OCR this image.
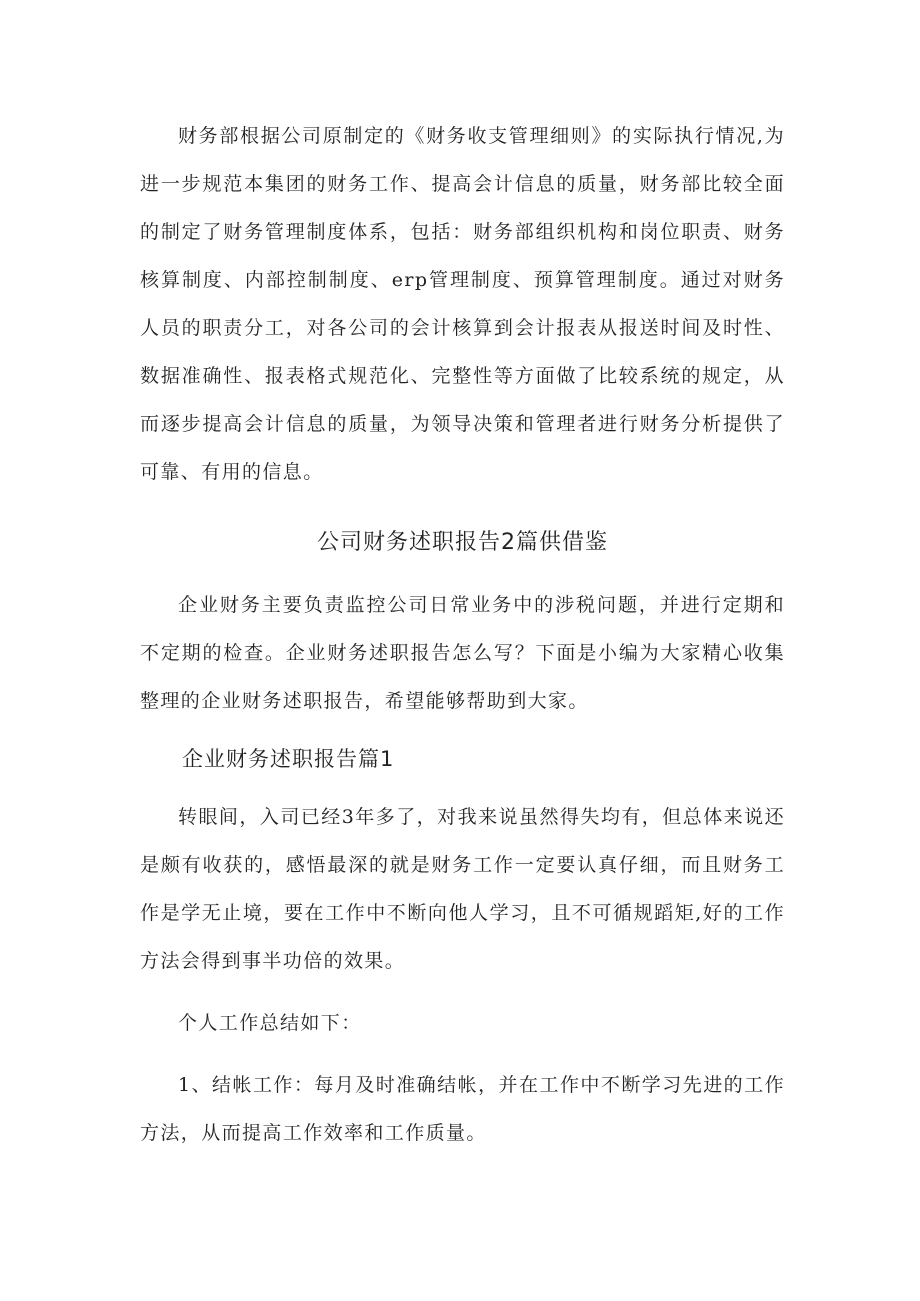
财务部根据公司原制定的《财务收支管理细则》的实际执行情况,为进一步规范本集团的财务工作、提高会计信息的质量，财务部比较全面的制定了财务管理制度体系，包括：财务部组织机构和岗位职责、财务核算制度、内部控制制度、erp管理制度、预算管理制度。通过对财务人员的职责分工，对各公司的会计核算到会计报表从报送时间及时性、数据准确性、报表格式规范化、完整性等方面做了比较系统的规定，从而逐步提高会计信息的质量，为领导决策和管理者进行财务分析提供了可靠、有用的信息。

公司财务述职报告2篇供借鉴

企业财务主要负责监控公司日常业务中的涉税问题，并进行定期和不定期的检查。企业财务述职报告怎么写？下面是小编为大家精心收集整理的企业财务述职报告，希望能够帮助到大家。

企业财务述职报告篇1

转眼间，入司已经3年多了，对我来说虽然得失均有，但总体来说还是颇有收获的，感悟最深的就是财务工作一定要认真仔细，而且财务工作是学无止境，要在工作中不断向他人学习，且不可循规蹈矩,好的工作方法会得到事半功倍的效果。

个人工作总结如下：

1、结帐工作：每月及时准确结帐，并在工作中不断学习先进的工作方法，从而提高工作效率和工作质量。
